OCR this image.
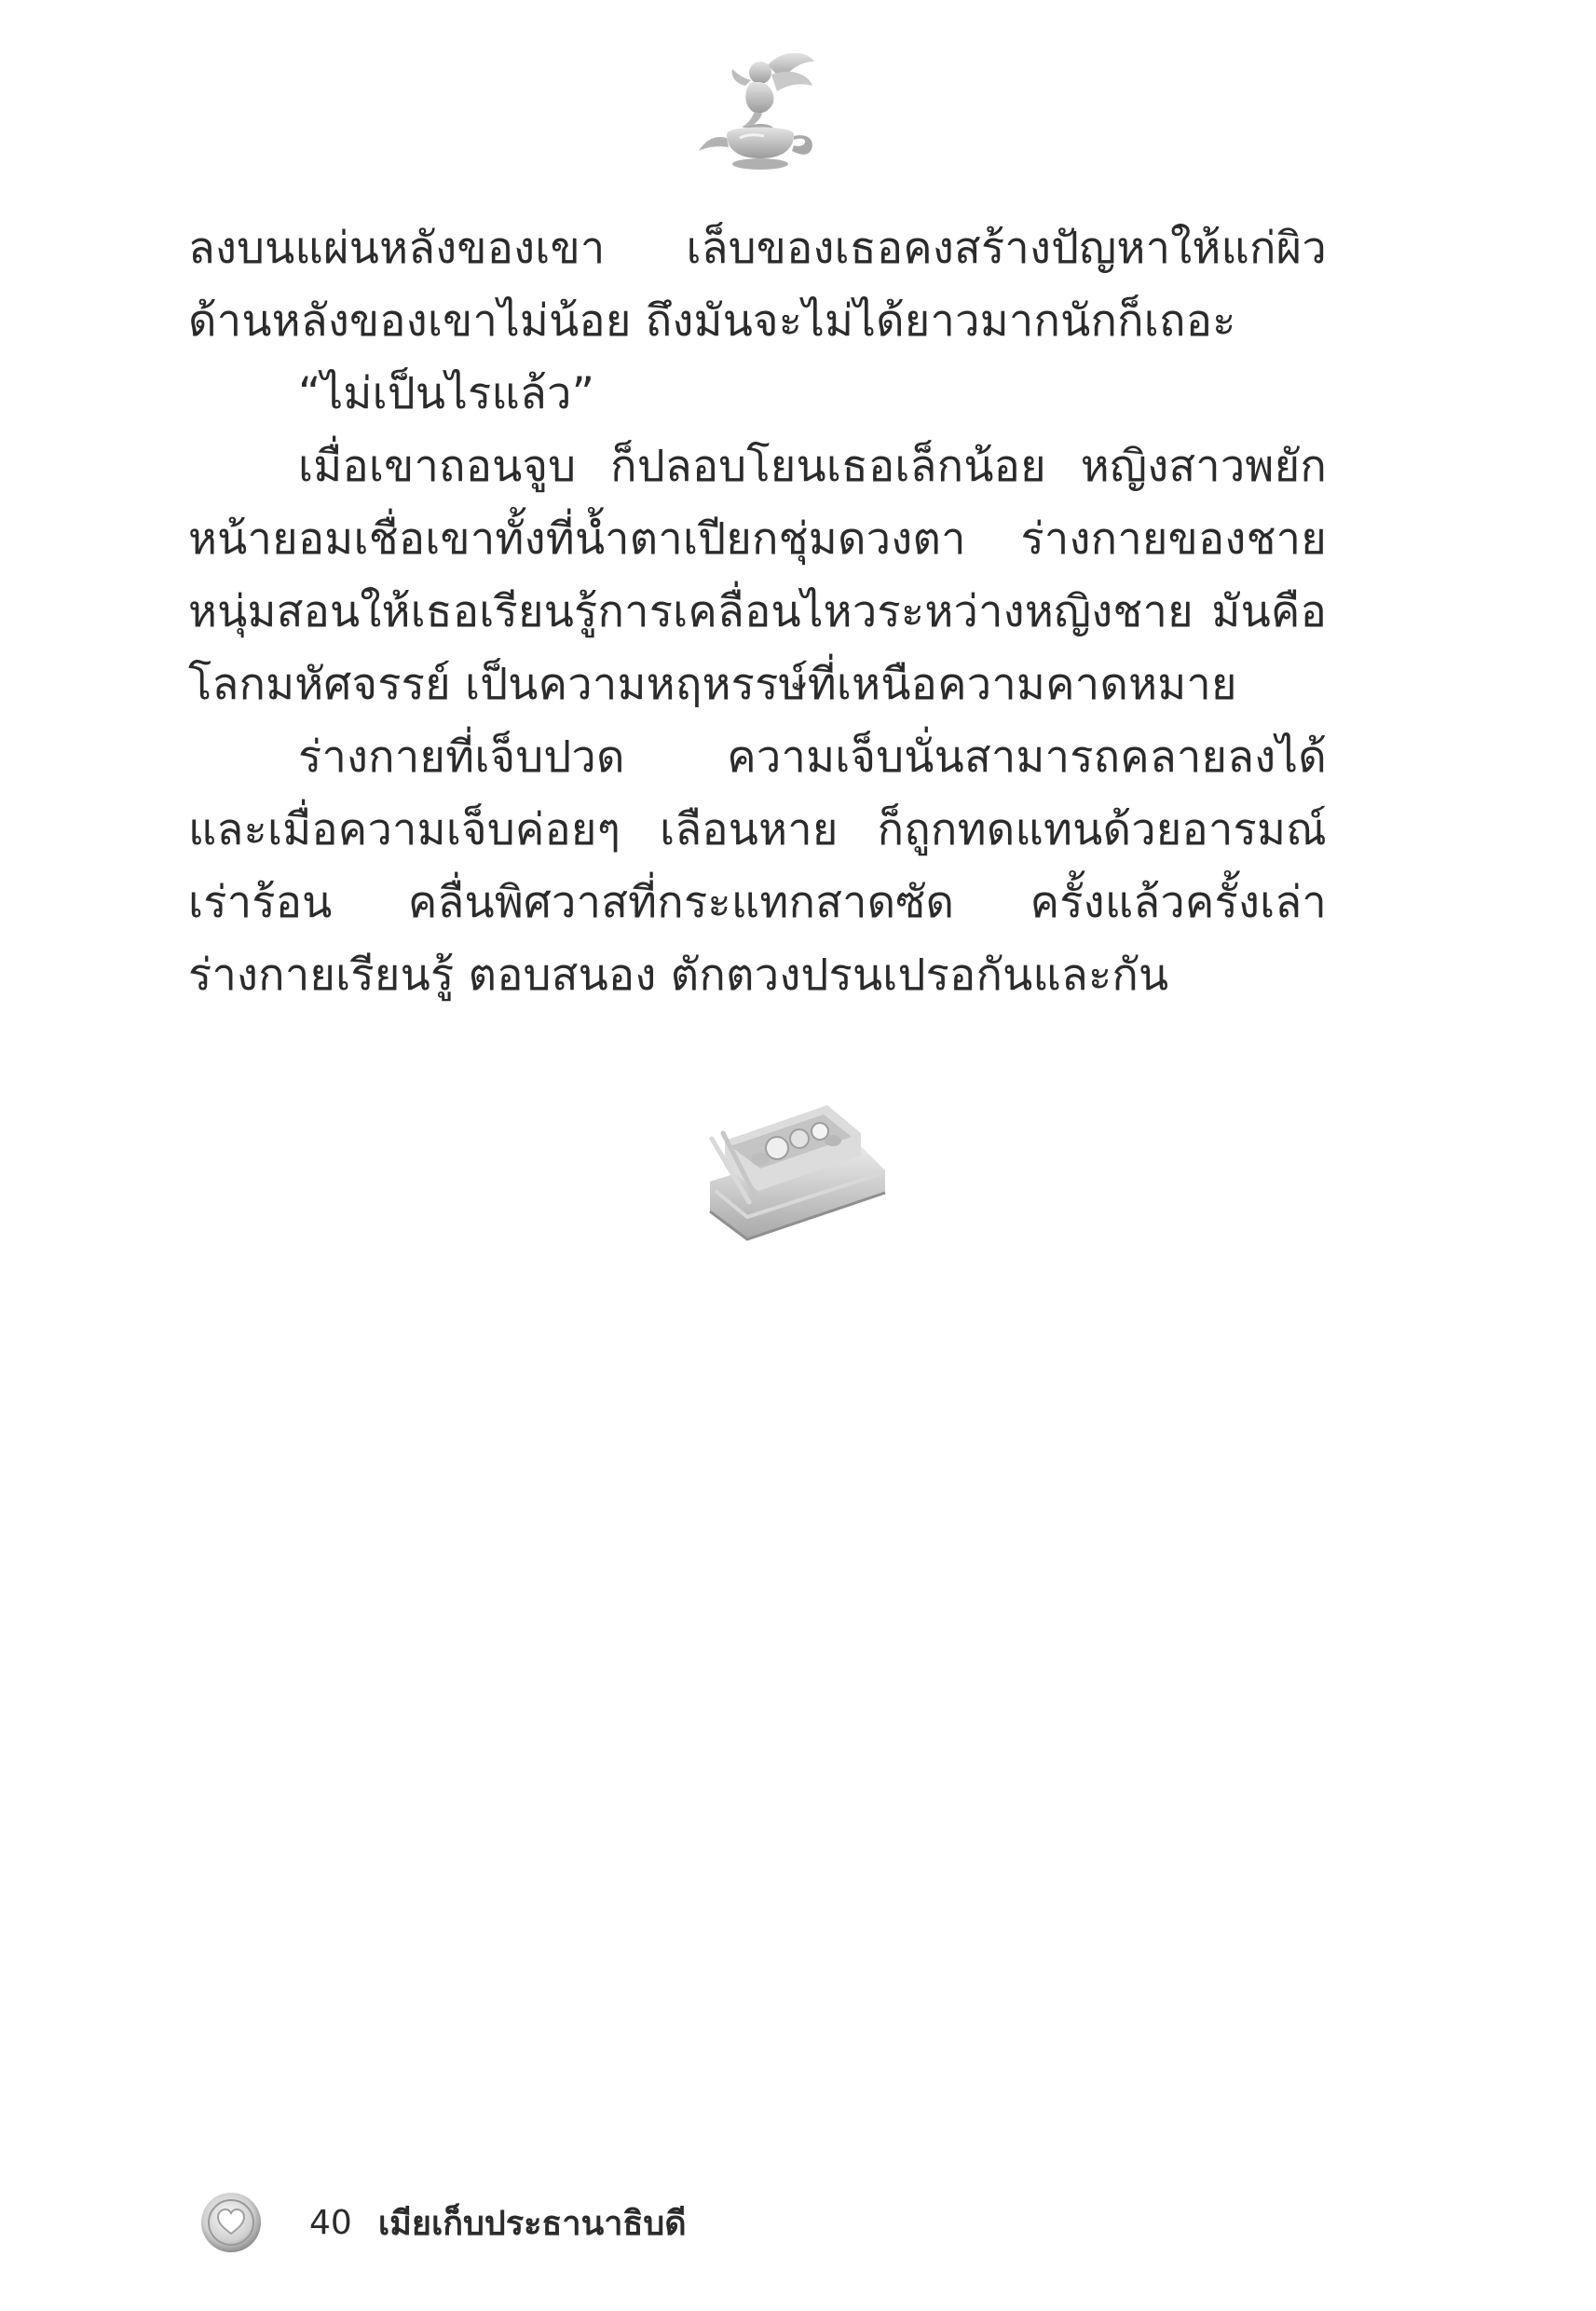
ลงบนแผ่นหลังของเขา เล็บของเธอคงสร้างปัญหาให้แก่ผิวด้านหลังของเขาไม่น้อย ถึงมันจะไม่ได้ยาวมากนักก็เถอะ

“ไม่เป็นไรแล้ว”

เมื่อเขาถอนจูบ ก็ปลอบโยนเธอเล็กน้อย หญิงสาวพยักหน้ายอมเชื่อเขาทั้งที่น้ำตาเปียกชุ่มดวงตา ร่างกายของชายหนุ่มสอนให้เธอเรียนรู้การเคลื่อนไหวระหว่างหญิงชาย มันคือโลกมหัศจรรย์ เป็นความหฤหรรษ์ที่เหนือความคาดหมาย

ร่างกายที่เจ็บปวด ความเจ็บนั่นสามารถคลายลงได้ และเมื่อความเจ็บค่อยๆ เลือนหาย ก็ถูกทดแทนด้วยอารมณ์เร่าร้อน คลื่นพิศวาสที่กระแทกสาดซัด ครั้งแล้วครั้งเล่า ร่างกายเรียนรู้ ตอบสนอง ตักตวงปรนเปรอกันและกัน

40 เมียเก็บประธานาธิบดี
